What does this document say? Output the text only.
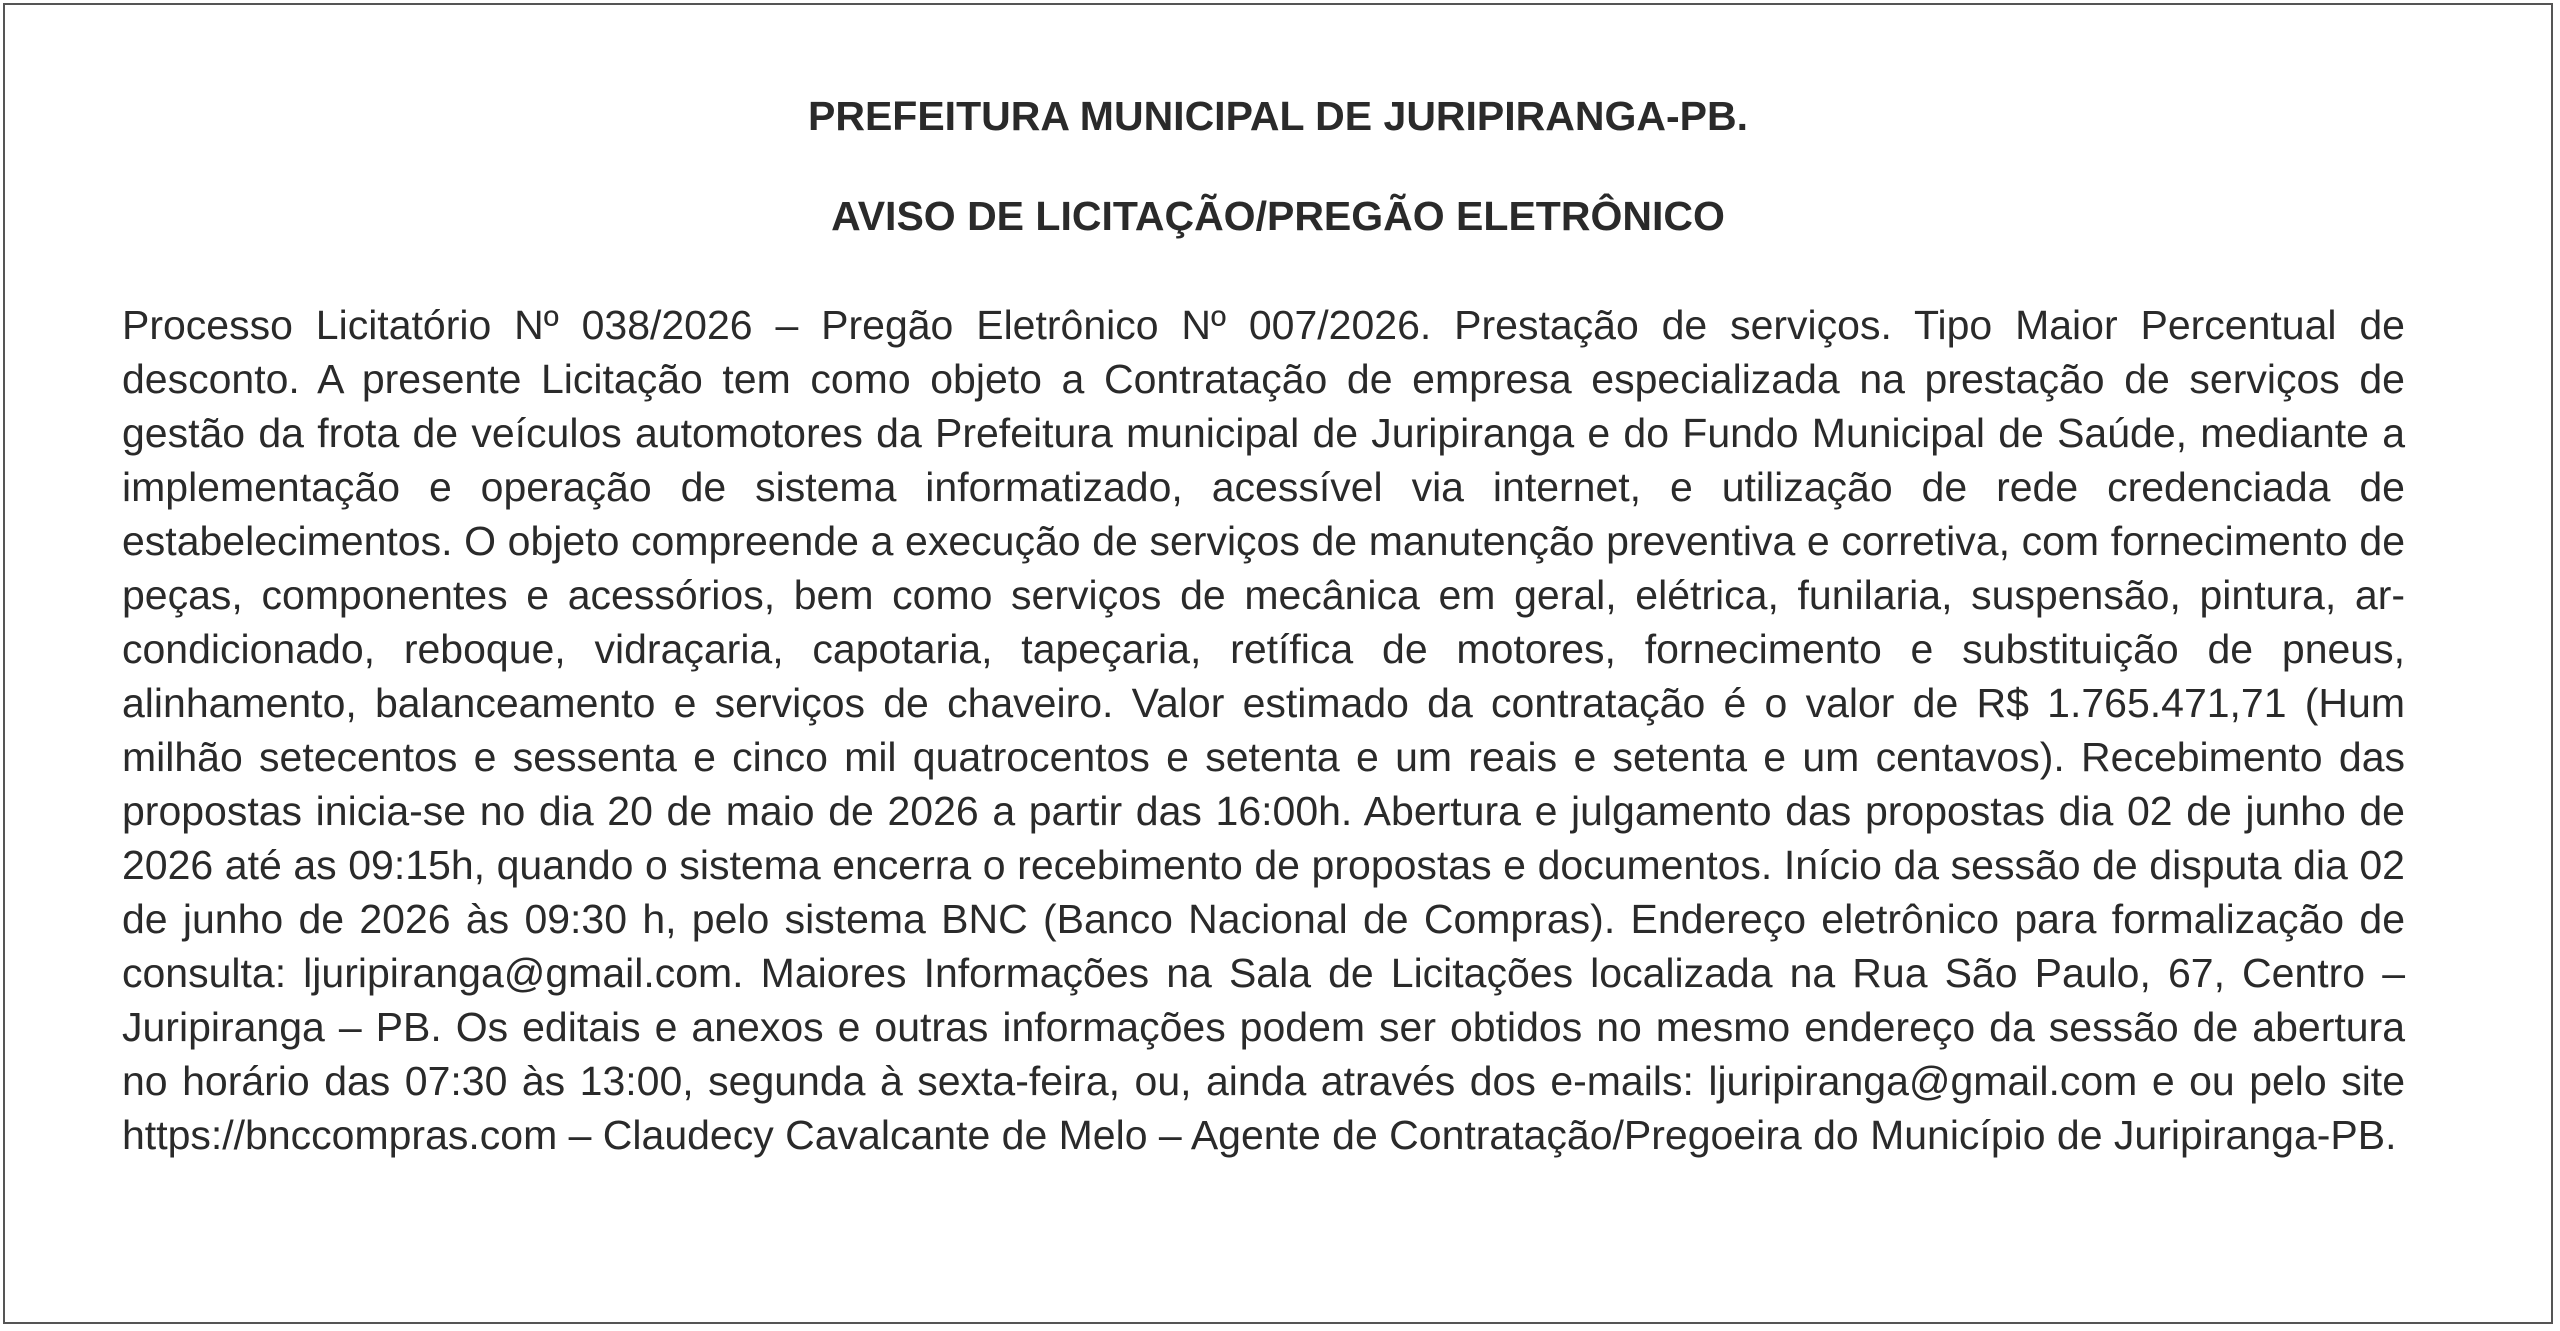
PREFEITURA MUNICIPAL DE JURIPIRANGA-PB.
AVISO DE LICITAÇÃO/PREGÃO ELETRÔNICO

Processo Licitatório Nº 038/2026 – Pregão Eletrônico Nº 007/2026. Prestação de serviços. Tipo Maior Percentual de desconto. A presente Licitação tem como objeto a Contratação de empresa especializada na prestação de serviços de gestão da frota de veículos automotores da Prefeitura municipal de Juripiranga e do Fundo Municipal de Saúde, mediante a implementação e operação de sistema informatizado, acessível via internet, e utilização de rede credenciada de estabelecimentos. O objeto compreende a execução de serviços de manutenção preventiva e corretiva, com fornecimento de peças, componentes e acessórios, bem como serviços de mecânica em geral, elétrica, funilaria, suspensão, pintura, ar-condicionado, reboque, vidraçaria, capotaria, tapeçaria, retífica de motores, fornecimento e substituição de pneus, alinhamento, balanceamento e serviços de chaveiro. Valor estimado da contratação é o valor de R$ 1.765.471,71 (Hum milhão setecentos e sessenta e cinco mil quatrocentos e setenta e um reais e setenta e um centavos). Recebimento das propostas inicia-se no dia 20 de maio de 2026 a partir das 16:00h. Abertura e julgamento das propostas dia 02 de junho de 2026 até as 09:15h, quando o sistema encerra o recebimento de propostas e documentos. Início da sessão de disputa dia 02 de junho de 2026 às 09:30 h, pelo sistema BNC (Banco Nacional de Compras). Endereço eletrônico para formalização de consulta: ljuripiranga@gmail.com. Maiores Informações na Sala de Licitações localizada na Rua São Paulo, 67, Centro – Juripiranga – PB. Os editais e anexos e outras informações podem ser obtidos no mesmo endereço da sessão de abertura no horário das 07:30 às 13:00, segunda à sexta-feira, ou, ainda através dos e-mails: ljuripiranga@gmail.com e ou pelo site https://bnccompras.com – Claudecy Cavalcante de Melo – Agente de Contratação/Pregoeira do Município de Juripiranga-PB.
